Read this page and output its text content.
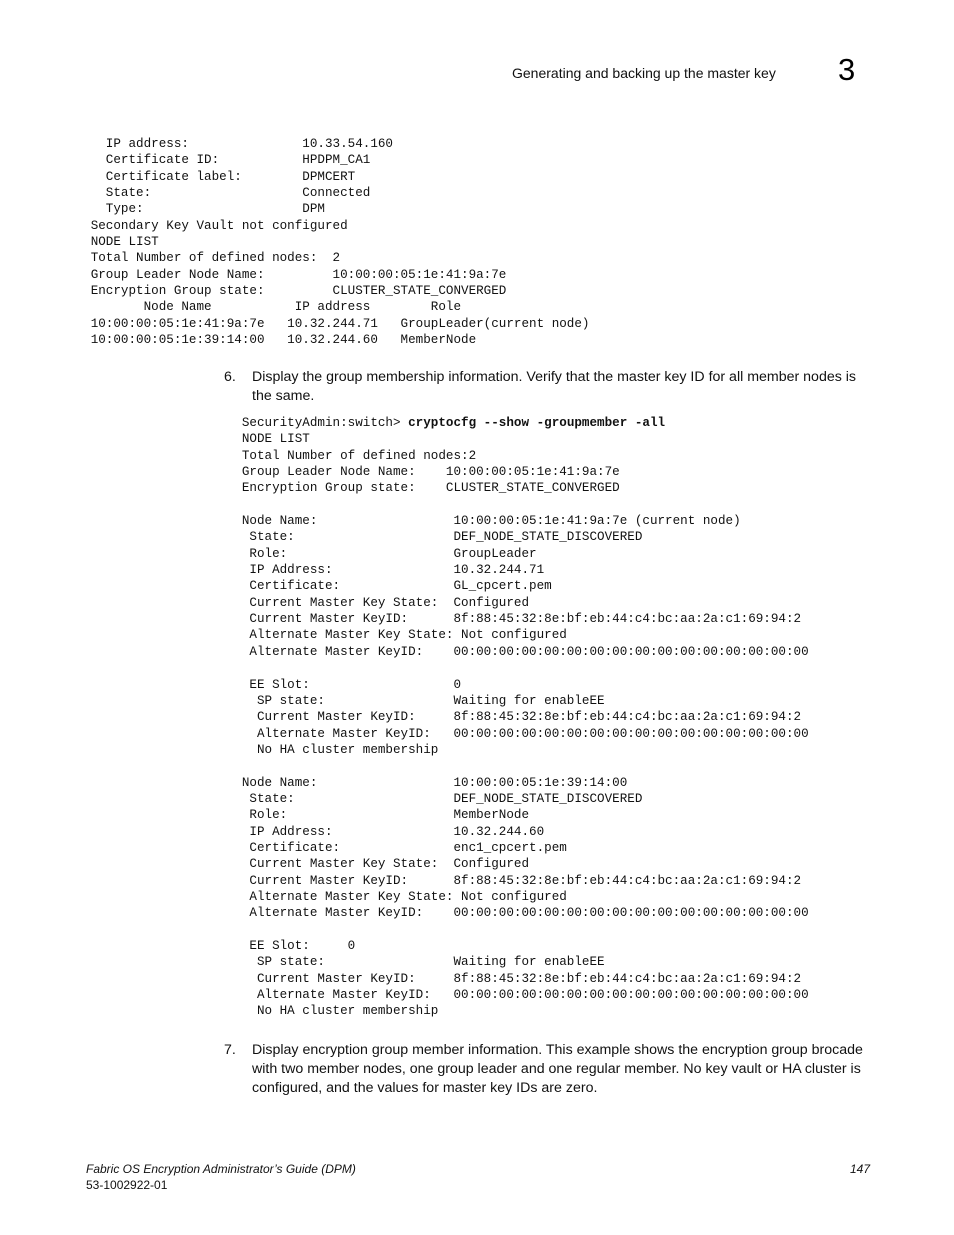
Generating and backing up the master key 3
IP address:               10.33.54.160
Certificate ID:           HPDPM_CA1
Certificate label:        DPMCERT
State:                    Connected
Type:                     DPM
Secondary Key Vault not configured
NODE LIST
Total Number of defined nodes:  2
Group Leader Node Name:         10:00:00:05:1e:41:9a:7e
Encryption Group state:         CLUSTER_STATE_CONVERGED
Node Name           IP address        Role
10:00:00:05:1e:41:9a:7e   10.32.244.71   GroupLeader(current node)
10:00:00:05:1e:39:14:00   10.32.244.60   MemberNode
6. Display the group membership information. Verify that the master key ID for all member nodes is the same.
SecurityAdmin:switch> cryptocfg --show -groupmember -all
NODE LIST
Total Number of defined nodes:2
Group Leader Node Name:    10:00:00:05:1e:41:9a:7e
Encryption Group state:    CLUSTER_STATE_CONVERGED

Node Name:                  10:00:00:05:1e:41:9a:7e (current node)
State:                     DEF_NODE_STATE_DISCOVERED
Role:                      GroupLeader
IP Address:                10.32.244.71
Certificate:               GL_cpcert.pem
Current Master Key State:  Configured
Current Master KeyID:      8f:88:45:32:8e:bf:eb:44:c4:bc:aa:2a:c1:69:94:2
Alternate Master Key State: Not configured
Alternate Master KeyID:    00:00:00:00:00:00:00:00:00:00:00:00:00:00:00:00

EE Slot:                   0
SP state:                 Waiting for enableEE
Current Master KeyID:     8f:88:45:32:8e:bf:eb:44:c4:bc:aa:2a:c1:69:94:2
Alternate Master KeyID:   00:00:00:00:00:00:00:00:00:00:00:00:00:00:00:00
No HA cluster membership

Node Name:                  10:00:00:05:1e:39:14:00
State:                     DEF_NODE_STATE_DISCOVERED
Role:                      MemberNode
IP Address:                10.32.244.60
Certificate:               enc1_cpcert.pem
Current Master Key State:  Configured
Current Master KeyID:      8f:88:45:32:8e:bf:eb:44:c4:bc:aa:2a:c1:69:94:2
Alternate Master Key State: Not configured
Alternate Master KeyID:    00:00:00:00:00:00:00:00:00:00:00:00:00:00:00:00

EE Slot:     0
SP state:                 Waiting for enableEE
Current Master KeyID:     8f:88:45:32:8e:bf:eb:44:c4:bc:aa:2a:c1:69:94:2
Alternate Master KeyID:   00:00:00:00:00:00:00:00:00:00:00:00:00:00:00:00
No HA cluster membership
7. Display encryption group member information. This example shows the encryption group brocade with two member nodes, one group leader and one regular member. No key vault or HA cluster is configured, and the values for master key IDs are zero.
Fabric OS Encryption Administrator’s Guide (DPM)
53-1002922-01
147
